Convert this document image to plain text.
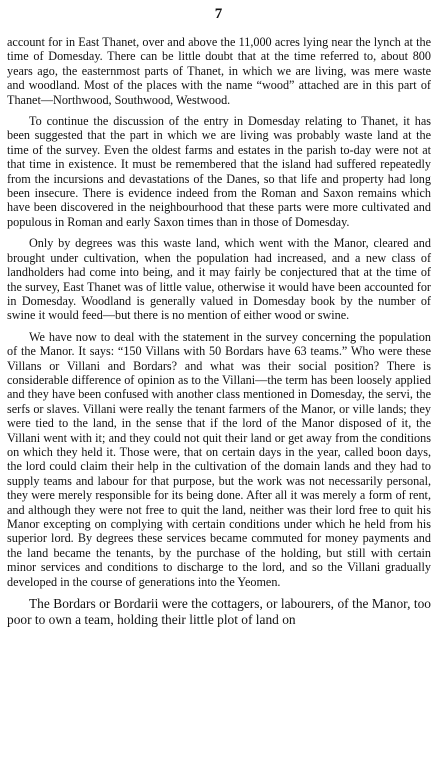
7

account for in East Thanet, over and above the 11,000 acres lying near the lynch at the time of Domesday. There can be little doubt that at the time referred to, about 800 years ago, the easternmost parts of Thanet, in which we are living, was mere waste and woodland. Most of the places with the name “wood” attached are in this part of Thanet—Northwood, Southwood, Westwood.

To continue the discussion of the entry in Domesday relating to Thanet, it has been suggested that the part in which we are living was probably waste land at the time of the survey. Even the oldest farms and estates in the parish to-day were not at that time in existence. It must be remembered that the island had suffered repeatedly from the incursions and devastations of the Danes, so that life and property had long been insecure. There is evidence indeed from the Roman and Saxon remains which have been discovered in the neighbourhood that these parts were more cultivated and populous in Roman and early Saxon times than in those of Domesday.

Only by degrees was this waste land, which went with the Manor, cleared and brought under cultivation, when the population had increased, and a new class of landholders had come into being, and it may fairly be conjectured that at the time of the survey, East Thanet was of little value, otherwise it would have been accounted for in Domesday. Woodland is generally valued in Domesday book by the number of swine it would feed—but there is no mention of either wood or swine.

We have now to deal with the statement in the survey concerning the population of the Manor. It says: “150 Villans with 50 Bordars have 63 teams.” Who were these Villans or Villani and Bordars? and what was their social position? There is considerable difference of opinion as to the Villani—the term has been loosely applied and they have been confused with another class mentioned in Domesday, the servi, the serfs or slaves. Villani were really the tenant farmers of the Manor, or ville lands; they were tied to the land, in the sense that if the lord of the Manor disposed of it, the Villani went with it; and they could not quit their land or get away from the conditions on which they held it. Those were, that on certain days in the year, called boon days, the lord could claim their help in the cultivation of the domain lands and they had to supply teams and labour for that purpose, but the work was not necessarily personal, they were merely responsible for its being done. After all it was merely a form of rent, and although they were not free to quit the land, neither was their lord free to quit his Manor excepting on complying with certain conditions under which he held from his superior lord. By degrees these services became commuted for money payments and the land became the tenants, by the purchase of the holding, but still with certain minor services and conditions to discharge to the lord, and so the Villani gradually developed in the course of generations into the Yeomen.

The Bordars or Bordarii were the cottagers, or labourers, of the Manor, too poor to own a team, holding their little plot of land on
